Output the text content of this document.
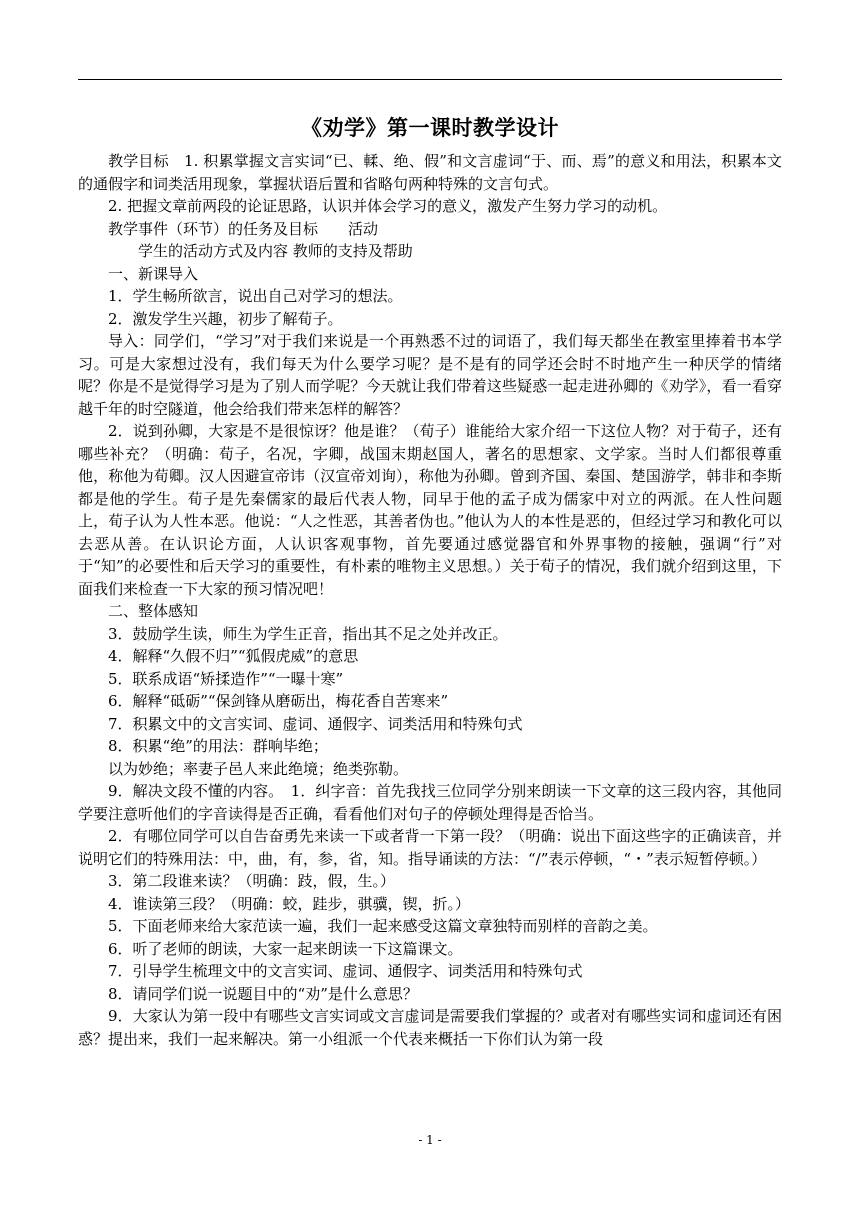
《劝学》第一课时教学设计

教学目标　1. 积累掌握文言实词“已、輮、绝、假”和文言虚词“于、而、焉”的意义和用法，积累本文的通假字和词类活用现象，掌握状语后置和省略句两种特殊的文言句式。

2. 把握文章前两段的论证思路，认识并体会学习的意义，激发产生努力学习的动机。

教学事件（环节）的任务及目标　　活动

学生的活动方式及内容 教师的支持及帮助

一、新课导入

1．学生畅所欲言，说出自己对学习的想法。

2．激发学生兴趣，初步了解荀子。

导入：同学们，“学习”对于我们来说是一个再熟悉不过的词语了，我们每天都坐在教室里捧着书本学习。可是大家想过没有，我们每天为什么要学习呢？是不是有的同学还会时不时地产生一种厌学的情绪呢？你是不是觉得学习是为了别人而学呢？今天就让我们带着这些疑惑一起走进孙卿的《劝学》，看一看穿越千年的时空隧道，他会给我们带来怎样的解答？

2．说到孙卿，大家是不是很惊讶？他是谁？（荀子）谁能给大家介绍一下这位人物？对于荀子，还有哪些补充？（明确：荀子，名况，字卿，战国末期赵国人，著名的思想家、文学家。当时人们都很尊重他，称他为荀卿。汉人因避宣帝讳（汉宣帝刘询），称他为孙卿。曾到齐国、秦国、楚国游学，韩非和李斯都是他的学生。荀子是先秦儒家的最后代表人物，同早于他的孟子成为儒家中对立的两派。在人性问题上，荀子认为人性本恶。他说：“人之性恶，其善者伪也。”他认为人的本性是恶的，但经过学习和教化可以去恶从善。在认识论方面，人认识客观事物，首先要通过感觉器官和外界事物的接触，强调“行”对于“知”的必要性和后天学习的重要性，有朴素的唯物主义思想。）关于荀子的情况，我们就介绍到这里，下面我们来检查一下大家的预习情况吧！

二、整体感知

3．鼓励学生读，师生为学生正音，指出其不足之处并改正。

4．解释“久假不归”“狐假虎威”的意思

5．联系成语“矫揉造作”“一曝十寒”

6．解释“砥砺”“保剑锋从磨砺出，梅花香自苦寒来”

7．积累文中的文言实词、虚词、通假字、词类活用和特殊句式

8．积累“绝”的用法：群响毕绝；

以为妙绝；率妻子邑人来此绝境；绝类弥勒。

9．解决文段不懂的内容。　1．纠字音：首先我找三位同学分别来朗读一下文章的这三段内容，其他同学要注意听他们的字音读得是否正确，看看他们对句子的停顿处理得是否恰当。

2．有哪位同学可以自告奋勇先来读一下或者背一下第一段？（明确：说出下面这些字的正确读音，并说明它们的特殊用法：中，曲，有，参，省，知。指导诵读的方法：“/”表示停顿，“・”表示短暂停顿。）

3．第二段谁来读？（明确：跂，假，生。）

4．谁读第三段？（明确：蛟，跬步，骐骥，锲，折。）

5．下面老师来给大家范读一遍，我们一起来感受这篇文章独特而别样的音韵之美。

6．听了老师的朗读，大家一起来朗读一下这篇课文。

7．引导学生梳理文中的文言实词、虚词、通假字、词类活用和特殊句式

8．请同学们说一说题目中的“劝”是什么意思？

9．大家认为第一段中有哪些文言实词或文言虚词是需要我们掌握的？或者对有哪些实词和虚词还有困惑？提出来，我们一起来解决。第一小组派一个代表来概括一下你们认为第一段

- 1 -
